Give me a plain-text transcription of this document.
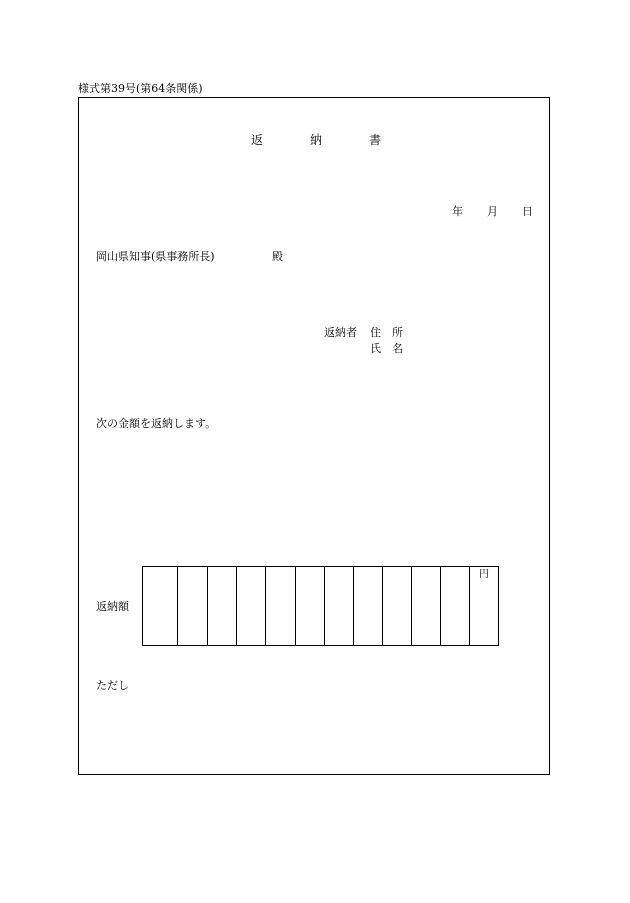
様式第39号(第64条関係)
返	納	書
年 月 日
岡山県知事(県事務所長)	殿
返納者 住　所
氏　名
次の金額を返納します。
返納額
円
ただし
